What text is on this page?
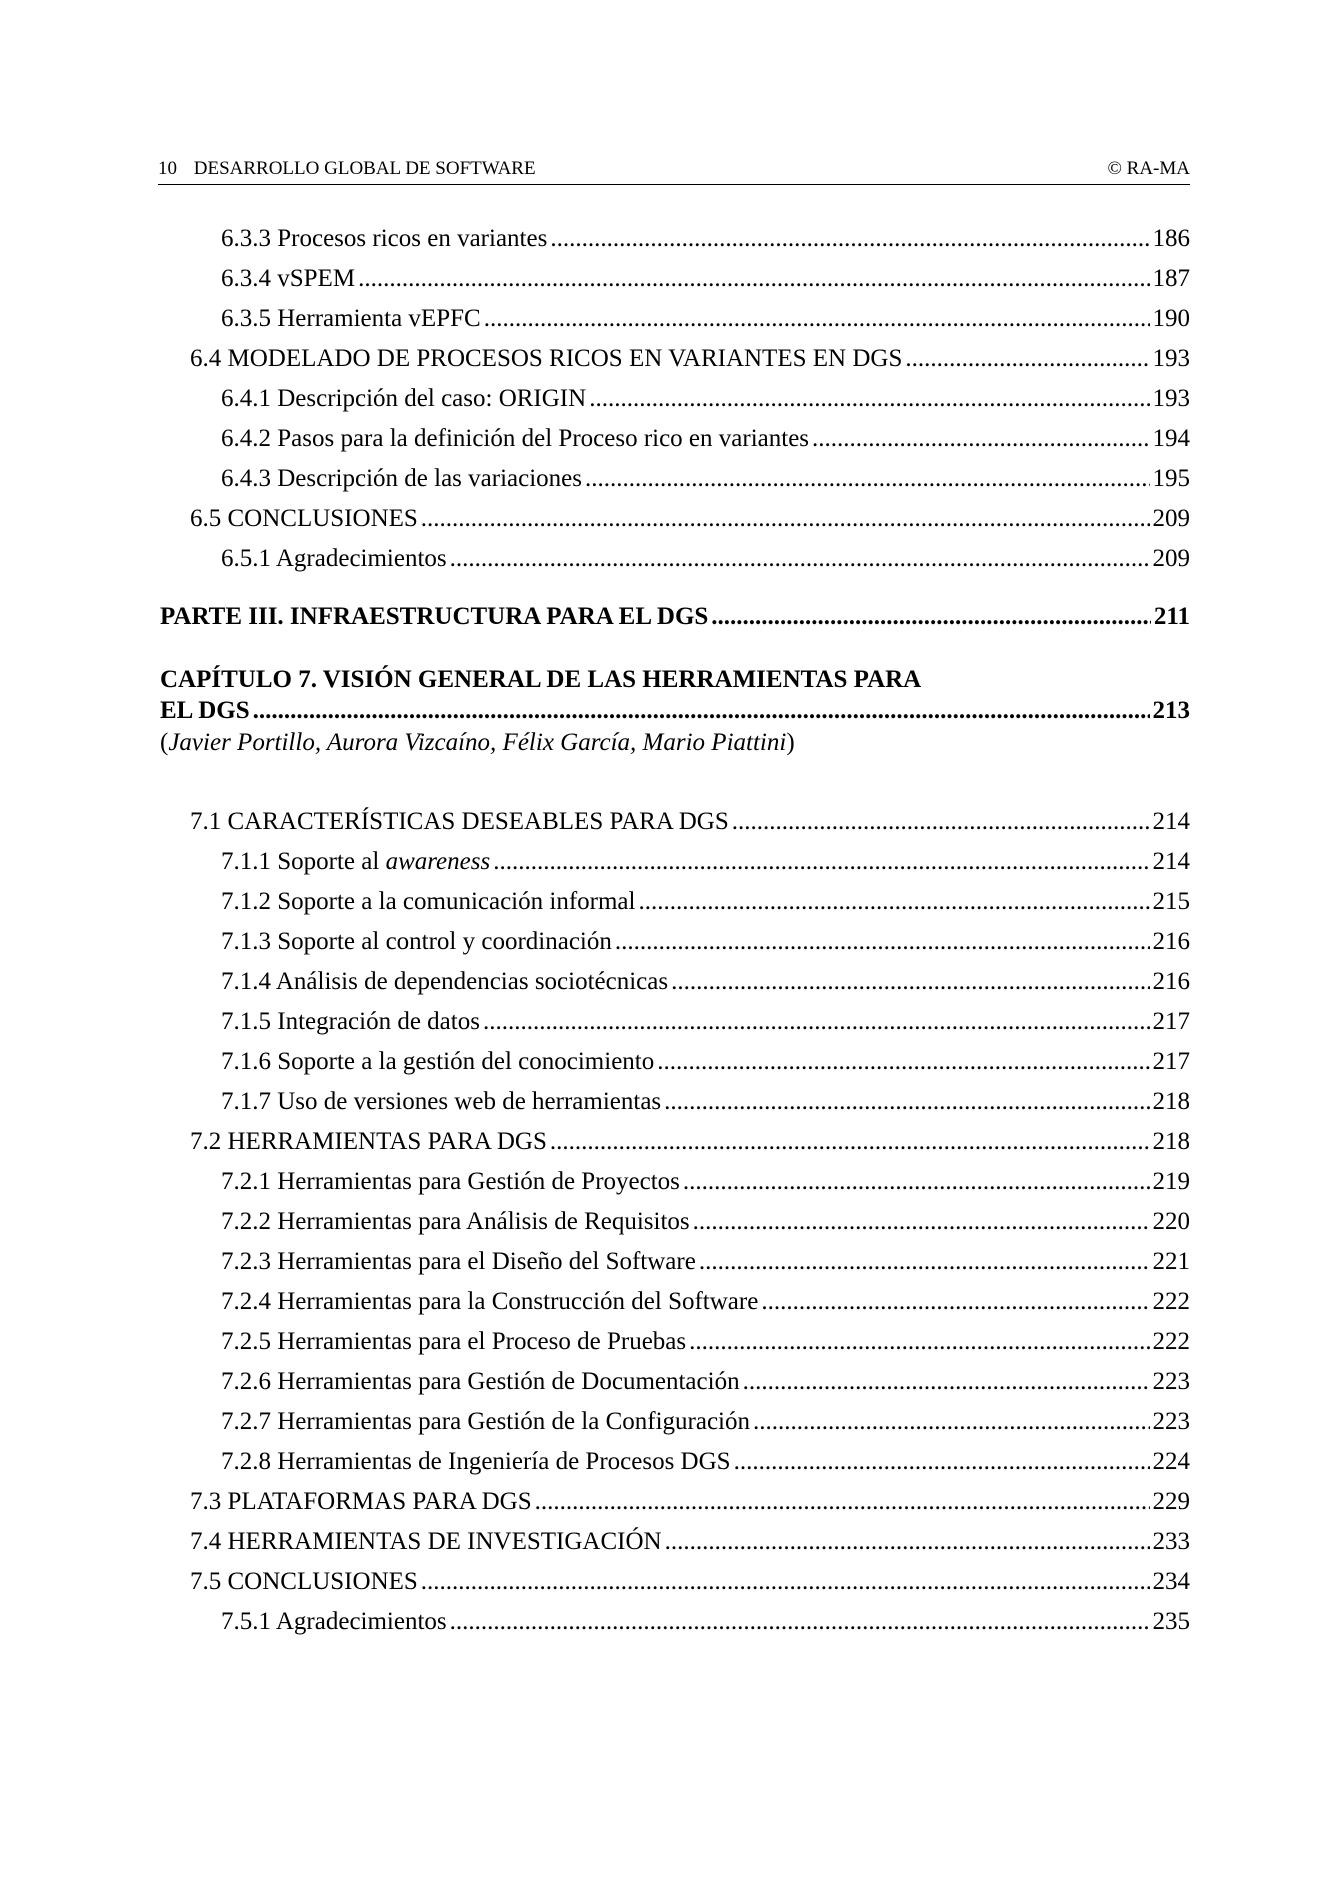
10 DESARROLLO GLOBAL DE SOFTWARE	© RA-MA
6.3.3 Procesos ricos en variantes .....	186
6.3.4 vSPEM .....	187
6.3.5 Herramienta vEPFC .....	190
6.4 MODELADO DE PROCESOS RICOS EN VARIANTES EN DGS .....	193
6.4.1 Descripción del caso: ORIGIN .....	193
6.4.2 Pasos para la definición del Proceso rico en variantes .....	194
6.4.3 Descripción de las variaciones .....	195
6.5 CONCLUSIONES .....	209
6.5.1 Agradecimientos .....	209
PARTE III. INFRAESTRUCTURA PARA EL DGS .....	211
CAPÍTULO 7. VISIÓN GENERAL DE LAS HERRAMIENTAS PARA
EL DGS .....	213
(Javier Portillo, Aurora Vizcaíno, Félix García, Mario Piattini)
7.1 CARACTERÍSTICAS DESEABLES PARA DGS .....	214
7.1.1 Soporte al awareness .....	214
7.1.2 Soporte a la comunicación informal .....	215
7.1.3 Soporte al control y coordinación .....	216
7.1.4 Análisis de dependencias sociotécnicas .....	216
7.1.5 Integración de datos .....	217
7.1.6 Soporte a la gestión del conocimiento .....	217
7.1.7 Uso de versiones web de herramientas .....	218
7.2 HERRAMIENTAS PARA DGS .....	218
7.2.1 Herramientas para Gestión de Proyectos .....	219
7.2.2 Herramientas para Análisis de Requisitos .....	220
7.2.3 Herramientas para el Diseño del Software .....	221
7.2.4 Herramientas para la Construcción del Software .....	222
7.2.5 Herramientas para el Proceso de Pruebas .....	222
7.2.6 Herramientas para Gestión de Documentación .....	223
7.2.7 Herramientas para Gestión de la Configuración .....	223
7.2.8 Herramientas de Ingeniería de Procesos DGS .....	224
7.3 PLATAFORMAS PARA DGS .....	229
7.4 HERRAMIENTAS DE INVESTIGACIÓN .....	233
7.5 CONCLUSIONES .....	234
7.5.1 Agradecimientos .....	235
